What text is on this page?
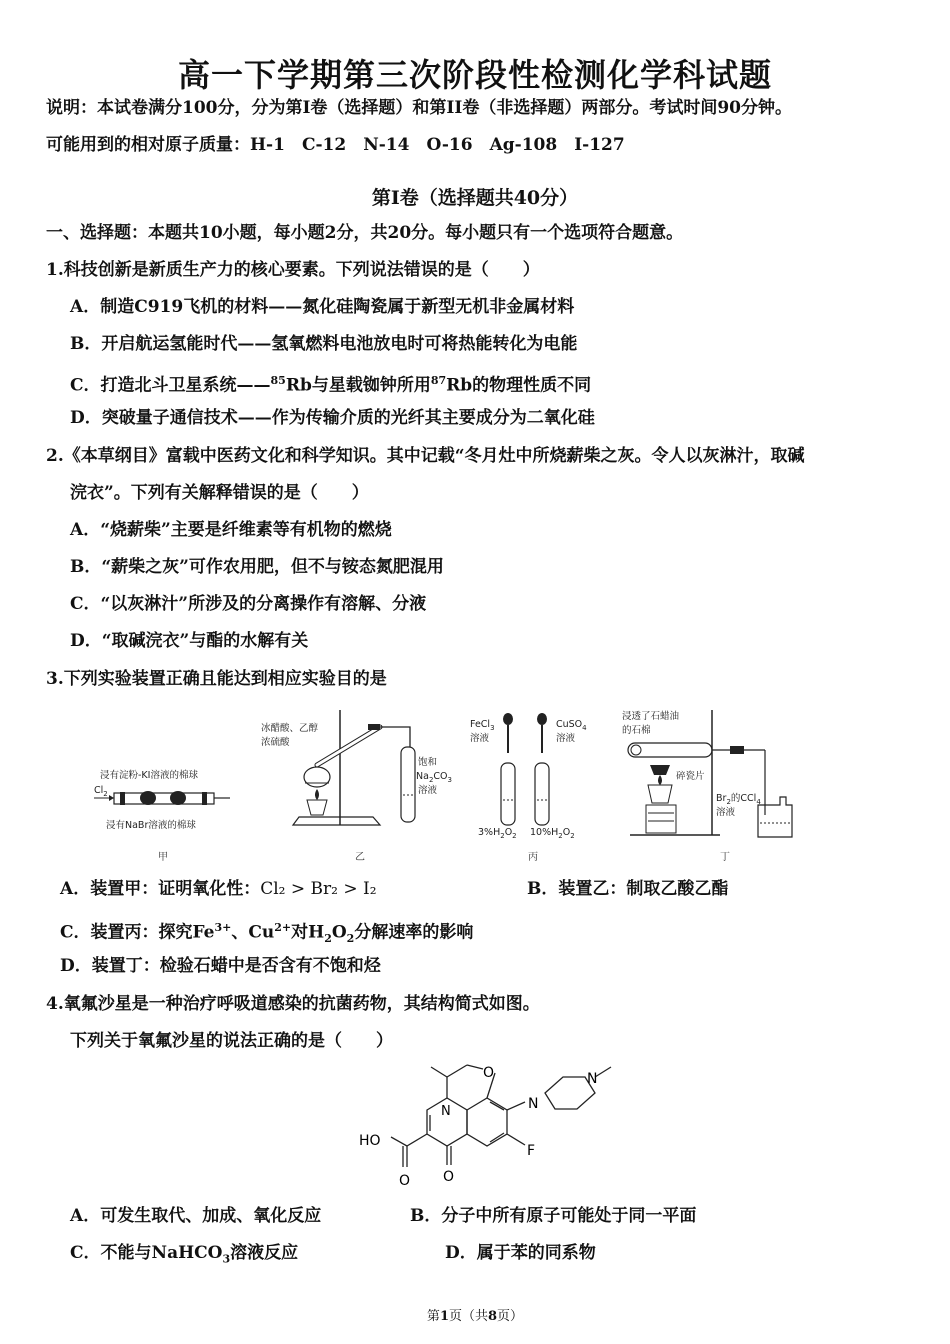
高一下学期第三次阶段性检测化学科试题
说明：本试卷满分100分，分为第I卷（选择题）和第II卷（非选择题）两部分。考试时间90分钟。
可能用到的相对原子质量：H-1　C-12　N-14　O-16　Ag-108　I-127
第I卷（选择题共40分）
一、选择题：本题共10小题，每小题2分，共20分。每小题只有一个选项符合题意。
1.科技创新是新质生产力的核心要素。下列说法错误的是（　　）
A．制造C919飞机的材料——氮化硅陶瓷属于新型无机非金属材料
B．开启航运氢能时代——氢氧燃料电池放电时可将热能转化为电能
C．打造北斗卫星系统——$^{85}$Rb与星载铷钟所用$^{87}$Rb的物理性质不同
D．突破量子通信技术——作为传输介质的光纤其主要成分为二氧化硅
2.《本草纲目》富载中医药文化和科学知识。其中记载“冬月灶中所烧薪柴之灰。令人以灰淋汁，取碱
浣衣”。下列有关解释错误的是（　　）
A．“烧薪柴”主要是纤维素等有机物的燃烧
B．“薪柴之灰”可作农用肥，但不与铵态氮肥混用
C．“以灰淋汁”所涉及的分离操作有溶解、分液
D．“取碱浣衣”与酯的水解有关
3.下列实验装置正确且能达到相应实验目的是
浸有淀粉-KI溶液的棉球
$Cl_2$
浸有NaBr溶液的棉球
甲
冰醋酸、乙醇
浓硫酸
饱和
$Na_2CO_3$
溶液
乙
FeCl$_3$
溶液
CuSO$_4$
溶液
$3\%H_2O_2$ $10\%H_2O_2$
丙
浸透了石蜡油
的石棉
碎瓷片
$Br_2$的CCl$_4$
溶液
丁
A．装置甲：证明氧化性：Cl₂ > Br₂ > I₂	B．装置乙：制取乙酸乙酯
C．装置丙：探究$Fe^{3+}$、$Cu^{2+}$对$H_2O_2$分解速率的影响
D．装置丁：检验石蜡中是否含有不饱和烃
4.氧氟沙星是一种治疗呼吸道感染的抗菌药物，其结构简式如图。
下列关于氧氟沙星的说法正确的是（　　）
O
N	N
N
HO
F
O
O
A．可发生取代、加成、氧化反应	B．分子中所有原子可能处于同一平面
C．不能与NaHCO$_3$溶液反应	D．属于苯的同系物
第1页（共8页）
